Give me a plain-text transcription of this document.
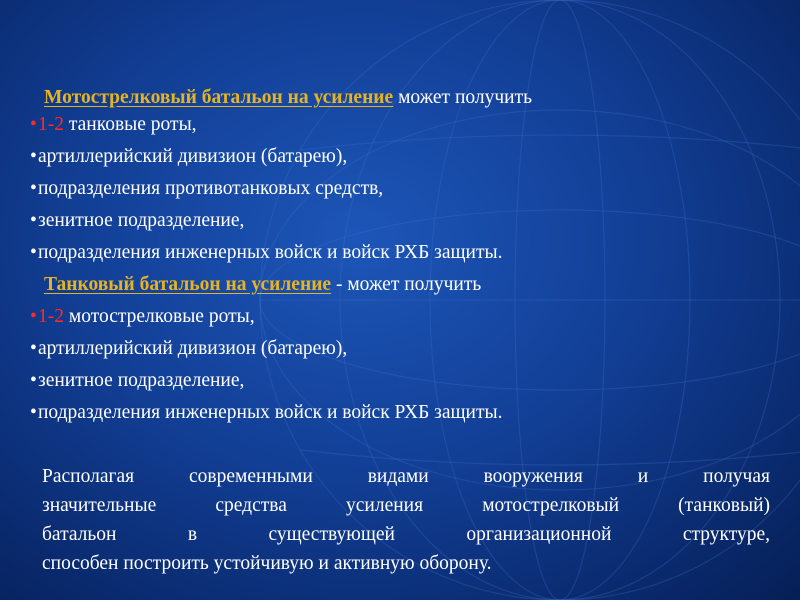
Мотострелковый батальон на усиление может получить
•1-2 танковые роты,
•артиллерийский дивизион (батарею),
•подразделения противотанковых средств,
•зенитное подразделение,
•подразделения инженерных войск и войск РХБ защиты.
Танковый батальон на усиление - может получить
•1-2 мотострелковые роты,
•артиллерийский дивизион (батарею),
•зенитное подразделение,
•подразделения инженерных войск и войск РХБ защиты.
Располагая современными видами вооружения и получая
значительные средства усиления мотострелковый (танковый)
батальон в существующей организационной структуре,
способен построить устойчивую и активную оборону.
